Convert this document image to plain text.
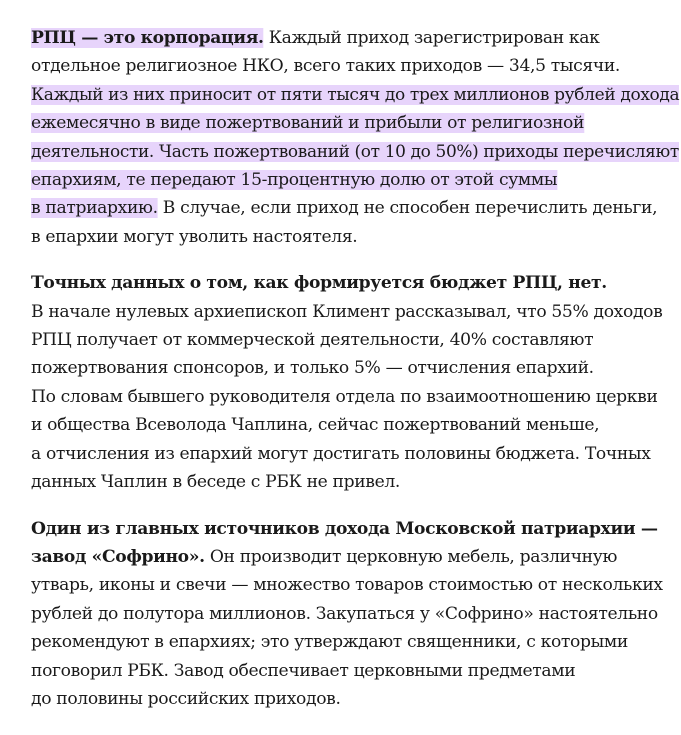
РПЦ — это корпорация. Каждый приход зарегистрирован как
отдельное религиозное НКО, всего таких приходов — 34,5 тысячи.
Каждый из них приносит от пяти тысяч до трех миллионов рублей дохода
ежемесячно в виде пожертвований и прибыли от религиозной
деятельности. Часть пожертвований (от 10 до 50%) приходы перечисляют
епархиям, те передают 15-процентную долю от этой суммы
в патриархию. В случае, если приход не способен перечислить деньги,
в епархии могут уволить настоятеля.

Точных данных о том, как формируется бюджет РПЦ, нет.
В начале нулевых архиепископ Климент рассказывал, что 55% доходов
РПЦ получает от коммерческой деятельности, 40% составляют
пожертвования спонсоров, и только 5% — отчисления епархий.
По словам бывшего руководителя отдела по взаимоотношению церкви
и общества Всеволода Чаплина, сейчас пожертвований меньше,
а отчисления из епархий могут достигать половины бюджета. Точных
данных Чаплин в беседе с РБК не привел.

Один из главных источников дохода Московской патриархии —
завод «Софрино». Он производит церковную мебель, различную
утварь, иконы и свечи — множество товаров стоимостью от нескольких
рублей до полутора миллионов. Закупаться у «Софрино» настоятельно
рекомендуют в епархиях; это утверждают священники, с которыми
поговорил РБК. Завод обеспечивает церковными предметами
до половины российских приходов.
